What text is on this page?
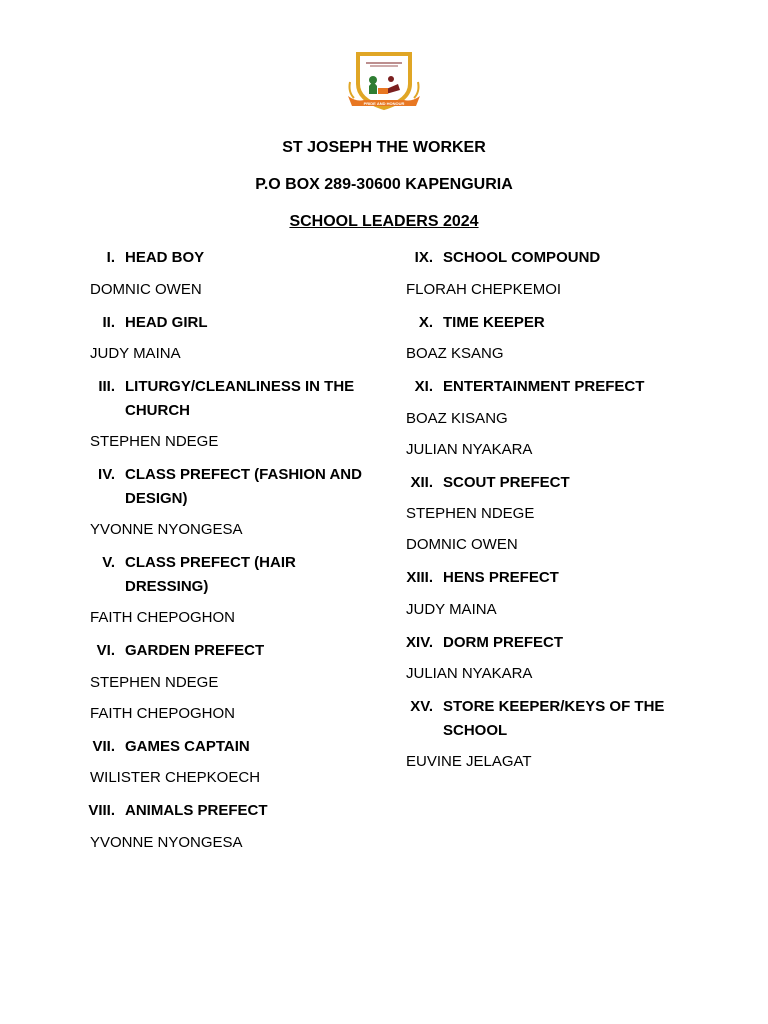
PRIDE AND HONOUR
ST JOSEPH THE WORKER
P.O BOX 289-30600 KAPENGURIA
SCHOOL LEADERS 2024
I. HEAD BOY
DOMNIC OWEN
II. HEAD GIRL
JUDY MAINA
III. LITURGY/CLEANLINESS IN THE CHURCH
STEPHEN NDEGE
IV. CLASS PREFECT (FASHION AND DESIGN)
YVONNE NYONGESA
V. CLASS PREFECT (HAIR DRESSING)
FAITH CHEPOGHON
VI. GARDEN PREFECT
STEPHEN NDEGE
FAITH CHEPOGHON
VII. GAMES CAPTAIN
WILISTER CHEPKOECH
VIII. ANIMALS PREFECT
YVONNE NYONGESA
IX. SCHOOL COMPOUND
FLORAH CHEPKEMOI
X. TIME KEEPER
BOAZ KSANG
XI. ENTERTAINMENT PREFECT
BOAZ KISANG
JULIAN NYAKARA
XII. SCOUT PREFECT
STEPHEN NDEGE
DOMNIC OWEN
XIII. HENS PREFECT
JUDY MAINA
XIV. DORM PREFECT
JULIAN NYAKARA
XV. STORE KEEPER/KEYS OF THE SCHOOL
EUVINE JELAGAT
